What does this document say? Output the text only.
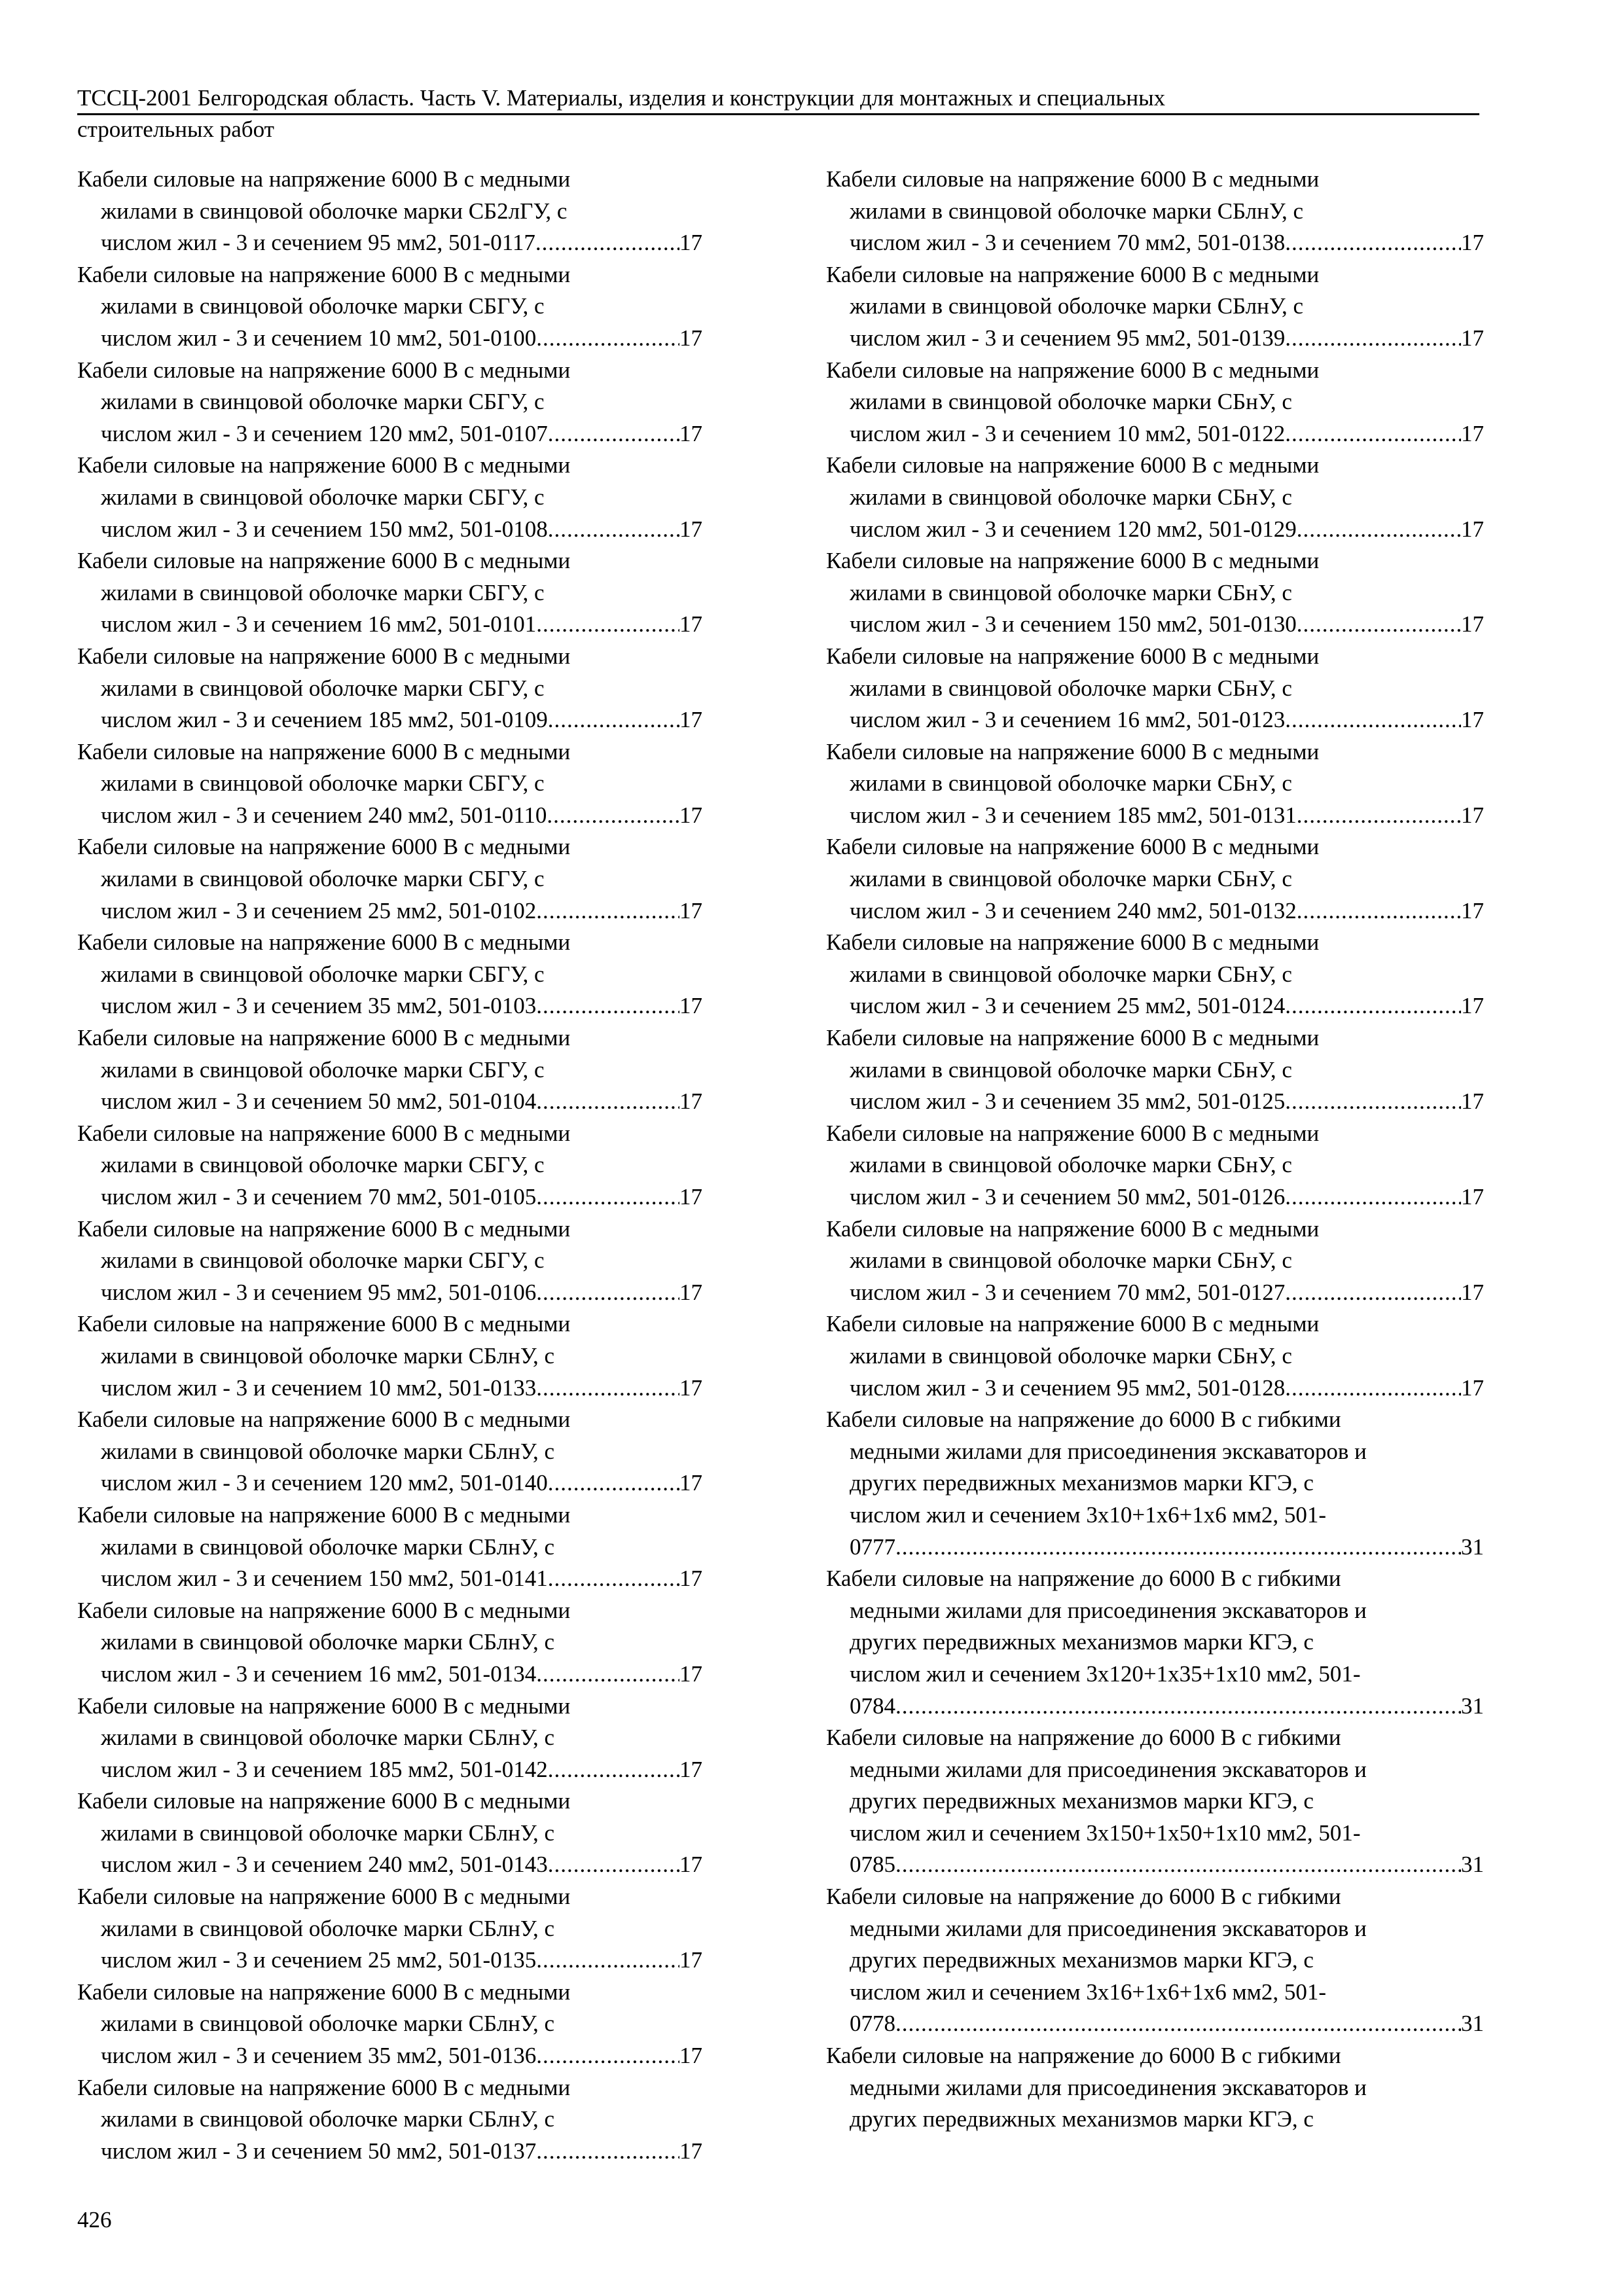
ТССЦ-2001 Белгородская область. Часть V. Материалы, изделия и конструкции для монтажных и специальных
строительных работ
Кабели силовые на напряжение 6000 В с медными
жилами в свинцовой оболочке марки СБ2лГУ, с
числом жил - 3 и сечением 95 мм2, 501-0117 .....	17
Кабели силовые на напряжение 6000 В с медными
жилами в свинцовой оболочке марки СБГУ, с
числом жил - 3 и сечением 10 мм2, 501-0100 .....	17
Кабели силовые на напряжение 6000 В с медными
жилами в свинцовой оболочке марки СБГУ, с
числом жил - 3 и сечением 120 мм2, 501-0107 .....	17
Кабели силовые на напряжение 6000 В с медными
жилами в свинцовой оболочке марки СБГУ, с
числом жил - 3 и сечением 150 мм2, 501-0108 .....	17
Кабели силовые на напряжение 6000 В с медными
жилами в свинцовой оболочке марки СБГУ, с
числом жил - 3 и сечением 16 мм2, 501-0101 .....	17
Кабели силовые на напряжение 6000 В с медными
жилами в свинцовой оболочке марки СБГУ, с
числом жил - 3 и сечением 185 мм2, 501-0109 .....	17
Кабели силовые на напряжение 6000 В с медными
жилами в свинцовой оболочке марки СБГУ, с
числом жил - 3 и сечением 240 мм2, 501-0110 .....	17
Кабели силовые на напряжение 6000 В с медными
жилами в свинцовой оболочке марки СБГУ, с
числом жил - 3 и сечением 25 мм2, 501-0102 .....	17
Кабели силовые на напряжение 6000 В с медными
жилами в свинцовой оболочке марки СБГУ, с
числом жил - 3 и сечением 35 мм2, 501-0103 .....	17
Кабели силовые на напряжение 6000 В с медными
жилами в свинцовой оболочке марки СБГУ, с
числом жил - 3 и сечением 50 мм2, 501-0104 .....	17
Кабели силовые на напряжение 6000 В с медными
жилами в свинцовой оболочке марки СБГУ, с
числом жил - 3 и сечением 70 мм2, 501-0105 .....	17
Кабели силовые на напряжение 6000 В с медными
жилами в свинцовой оболочке марки СБГУ, с
числом жил - 3 и сечением 95 мм2, 501-0106 .....	17
Кабели силовые на напряжение 6000 В с медными
жилами в свинцовой оболочке марки СБлнУ, с
числом жил - 3 и сечением 10 мм2, 501-0133 .....	17
Кабели силовые на напряжение 6000 В с медными
жилами в свинцовой оболочке марки СБлнУ, с
числом жил - 3 и сечением 120 мм2, 501-0140 .....	17
Кабели силовые на напряжение 6000 В с медными
жилами в свинцовой оболочке марки СБлнУ, с
числом жил - 3 и сечением 150 мм2, 501-0141 .....	17
Кабели силовые на напряжение 6000 В с медными
жилами в свинцовой оболочке марки СБлнУ, с
числом жил - 3 и сечением 16 мм2, 501-0134 .....	17
Кабели силовые на напряжение 6000 В с медными
жилами в свинцовой оболочке марки СБлнУ, с
числом жил - 3 и сечением 185 мм2, 501-0142 .....	17
Кабели силовые на напряжение 6000 В с медными
жилами в свинцовой оболочке марки СБлнУ, с
числом жил - 3 и сечением 240 мм2, 501-0143 .....	17
Кабели силовые на напряжение 6000 В с медными
жилами в свинцовой оболочке марки СБлнУ, с
числом жил - 3 и сечением 25 мм2, 501-0135 .....	17
Кабели силовые на напряжение 6000 В с медными
жилами в свинцовой оболочке марки СБлнУ, с
числом жил - 3 и сечением 35 мм2, 501-0136 .....	17
Кабели силовые на напряжение 6000 В с медными
жилами в свинцовой оболочке марки СБлнУ, с
числом жил - 3 и сечением 50 мм2, 501-0137 .....	17
Кабели силовые на напряжение 6000 В с медными
жилами в свинцовой оболочке марки СБлнУ, с
числом жил - 3 и сечением 70 мм2, 501-0138 .....	17
Кабели силовые на напряжение 6000 В с медными
жилами в свинцовой оболочке марки СБлнУ, с
числом жил - 3 и сечением 95 мм2, 501-0139 .....	17
Кабели силовые на напряжение 6000 В с медными
жилами в свинцовой оболочке марки СБнУ, с
числом жил - 3 и сечением 10 мм2, 501-0122 .....	17
Кабели силовые на напряжение 6000 В с медными
жилами в свинцовой оболочке марки СБнУ, с
числом жил - 3 и сечением 120 мм2, 501-0129 .....	17
Кабели силовые на напряжение 6000 В с медными
жилами в свинцовой оболочке марки СБнУ, с
числом жил - 3 и сечением 150 мм2, 501-0130 .....	17
Кабели силовые на напряжение 6000 В с медными
жилами в свинцовой оболочке марки СБнУ, с
числом жил - 3 и сечением 16 мм2, 501-0123 .....	17
Кабели силовые на напряжение 6000 В с медными
жилами в свинцовой оболочке марки СБнУ, с
числом жил - 3 и сечением 185 мм2, 501-0131 .....	17
Кабели силовые на напряжение 6000 В с медными
жилами в свинцовой оболочке марки СБнУ, с
числом жил - 3 и сечением 240 мм2, 501-0132 .....	17
Кабели силовые на напряжение 6000 В с медными
жилами в свинцовой оболочке марки СБнУ, с
числом жил - 3 и сечением 25 мм2, 501-0124 .....	17
Кабели силовые на напряжение 6000 В с медными
жилами в свинцовой оболочке марки СБнУ, с
числом жил - 3 и сечением 35 мм2, 501-0125 .....	17
Кабели силовые на напряжение 6000 В с медными
жилами в свинцовой оболочке марки СБнУ, с
числом жил - 3 и сечением 50 мм2, 501-0126 .....	17
Кабели силовые на напряжение 6000 В с медными
жилами в свинцовой оболочке марки СБнУ, с
числом жил - 3 и сечением 70 мм2, 501-0127 .....	17
Кабели силовые на напряжение 6000 В с медными
жилами в свинцовой оболочке марки СБнУ, с
числом жил - 3 и сечением 95 мм2, 501-0128 .....	17
Кабели силовые на напряжение до 6000 В с гибкими
медными жилами для присоединения экскаваторов и
других передвижных механизмов марки КГЭ, с
числом жил и сечением 3х10+1х6+1х6 мм2, 501-
0777 .....	31
Кабели силовые на напряжение до 6000 В с гибкими
медными жилами для присоединения экскаваторов и
других передвижных механизмов марки КГЭ, с
числом жил и сечением 3х120+1х35+1х10 мм2, 501-
0784 .....	31
Кабели силовые на напряжение до 6000 В с гибкими
медными жилами для присоединения экскаваторов и
других передвижных механизмов марки КГЭ, с
числом жил и сечением 3х150+1х50+1х10 мм2, 501-
0785 .....	31
Кабели силовые на напряжение до 6000 В с гибкими
медными жилами для присоединения экскаваторов и
других передвижных механизмов марки КГЭ, с
числом жил и сечением 3х16+1х6+1х6 мм2, 501-
0778 .....	31
Кабели силовые на напряжение до 6000 В с гибкими
медными жилами для присоединения экскаваторов и
других передвижных механизмов марки КГЭ, с
426
